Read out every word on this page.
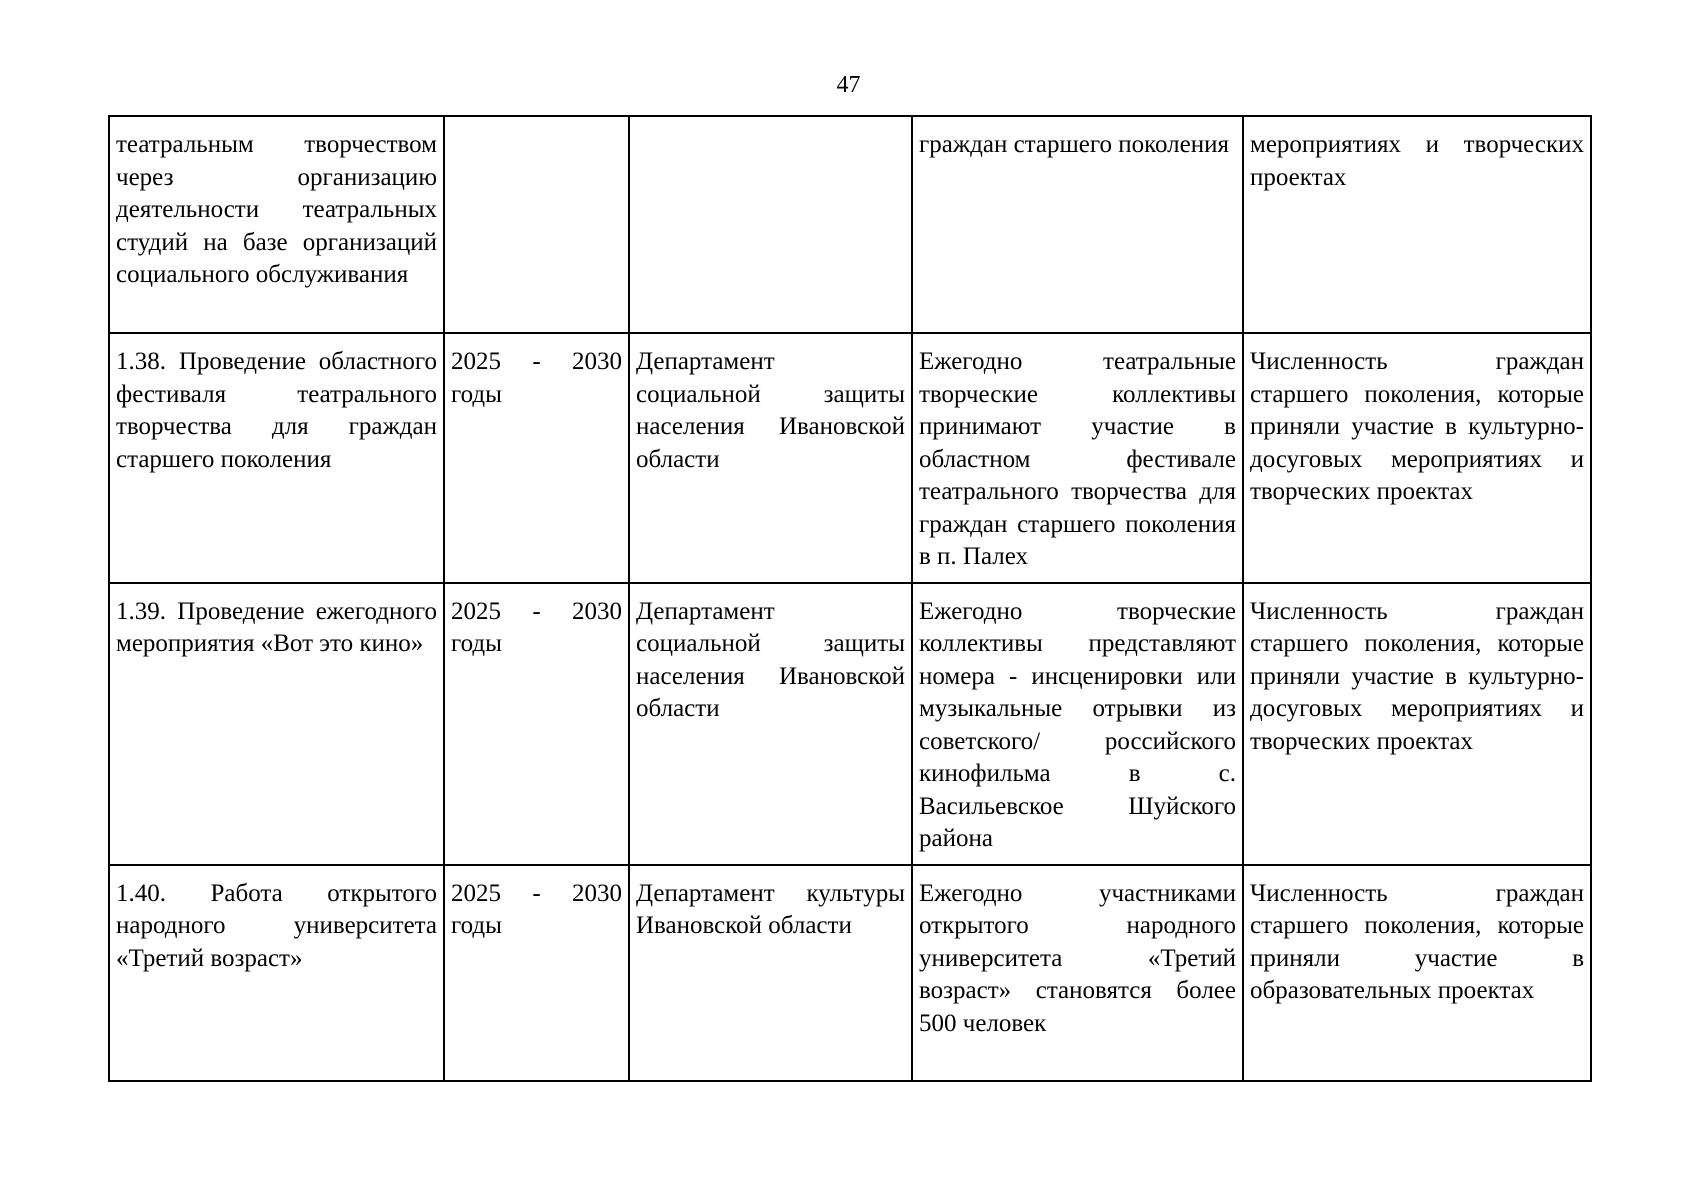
47
театральным творчеством через организацию деятельности театральных студий на базе организаций социального обслуживания			граждан старшего поколения	мероприятиях и творческих проектах
1.38. Проведение областного фестиваля театрального творчества для граждан старшего поколения	2025 - 2030 годы	Департамент социальной защиты населения Ивановской области	Ежегодно театральные творческие коллективы принимают участие в областном фестивале театрального творчества для граждан старшего поколения в п. Палех	Численность граждан старшего поколения, которые приняли участие в культурно-досуговых мероприятиях и творческих проектах
1.39. Проведение ежегодного мероприятия «Вот это кино»	2025 - 2030 годы	Департамент социальной защиты населения Ивановской области	Ежегодно творческие коллективы представляют номера - инсценировки или музыкальные отрывки из советского/ российского кинофильма в с. Васильевское Шуйского района	Численность граждан старшего поколения, которые приняли участие в культурно-досуговых мероприятиях и творческих проектах
1.40. Работа открытого народного университета «Третий возраст»	2025 - 2030 годы	Департамент культуры Ивановской области	Ежегодно участниками открытого народного университета «Третий возраст» становятся более 500 человек	Численность граждан старшего поколения, которые приняли участие в образовательных проектах
